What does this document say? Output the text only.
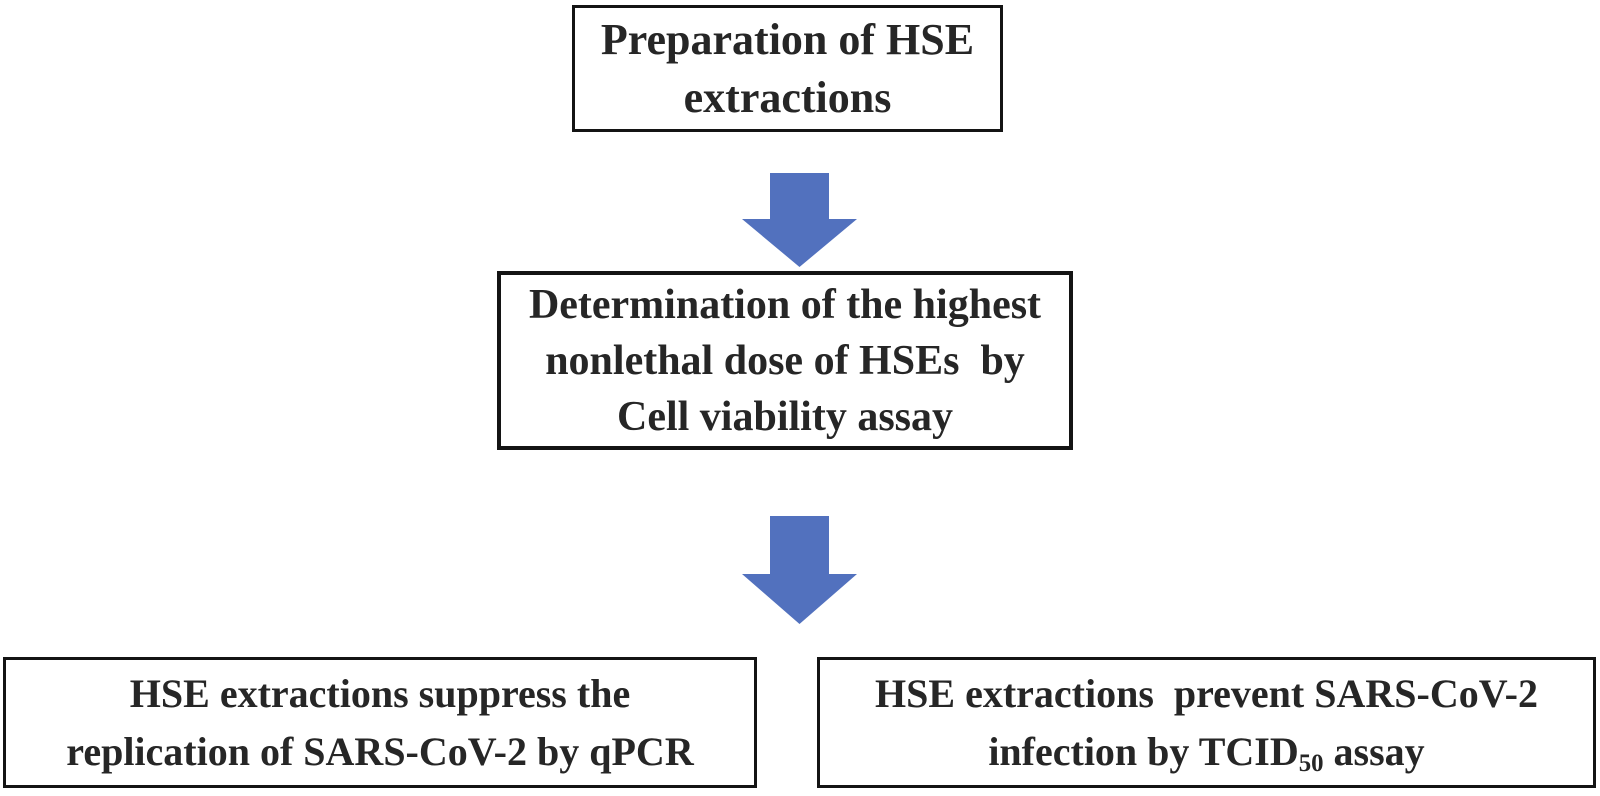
Preparation of HSE
extractions
Determination of the highest
nonlethal dose of HSEs  by
Cell viability assay
HSE extractions suppress the
replication of SARS-CoV-2 by qPCR
HSE extractions  prevent SARS-CoV-2
infection by $TCID_{50}$ assay
